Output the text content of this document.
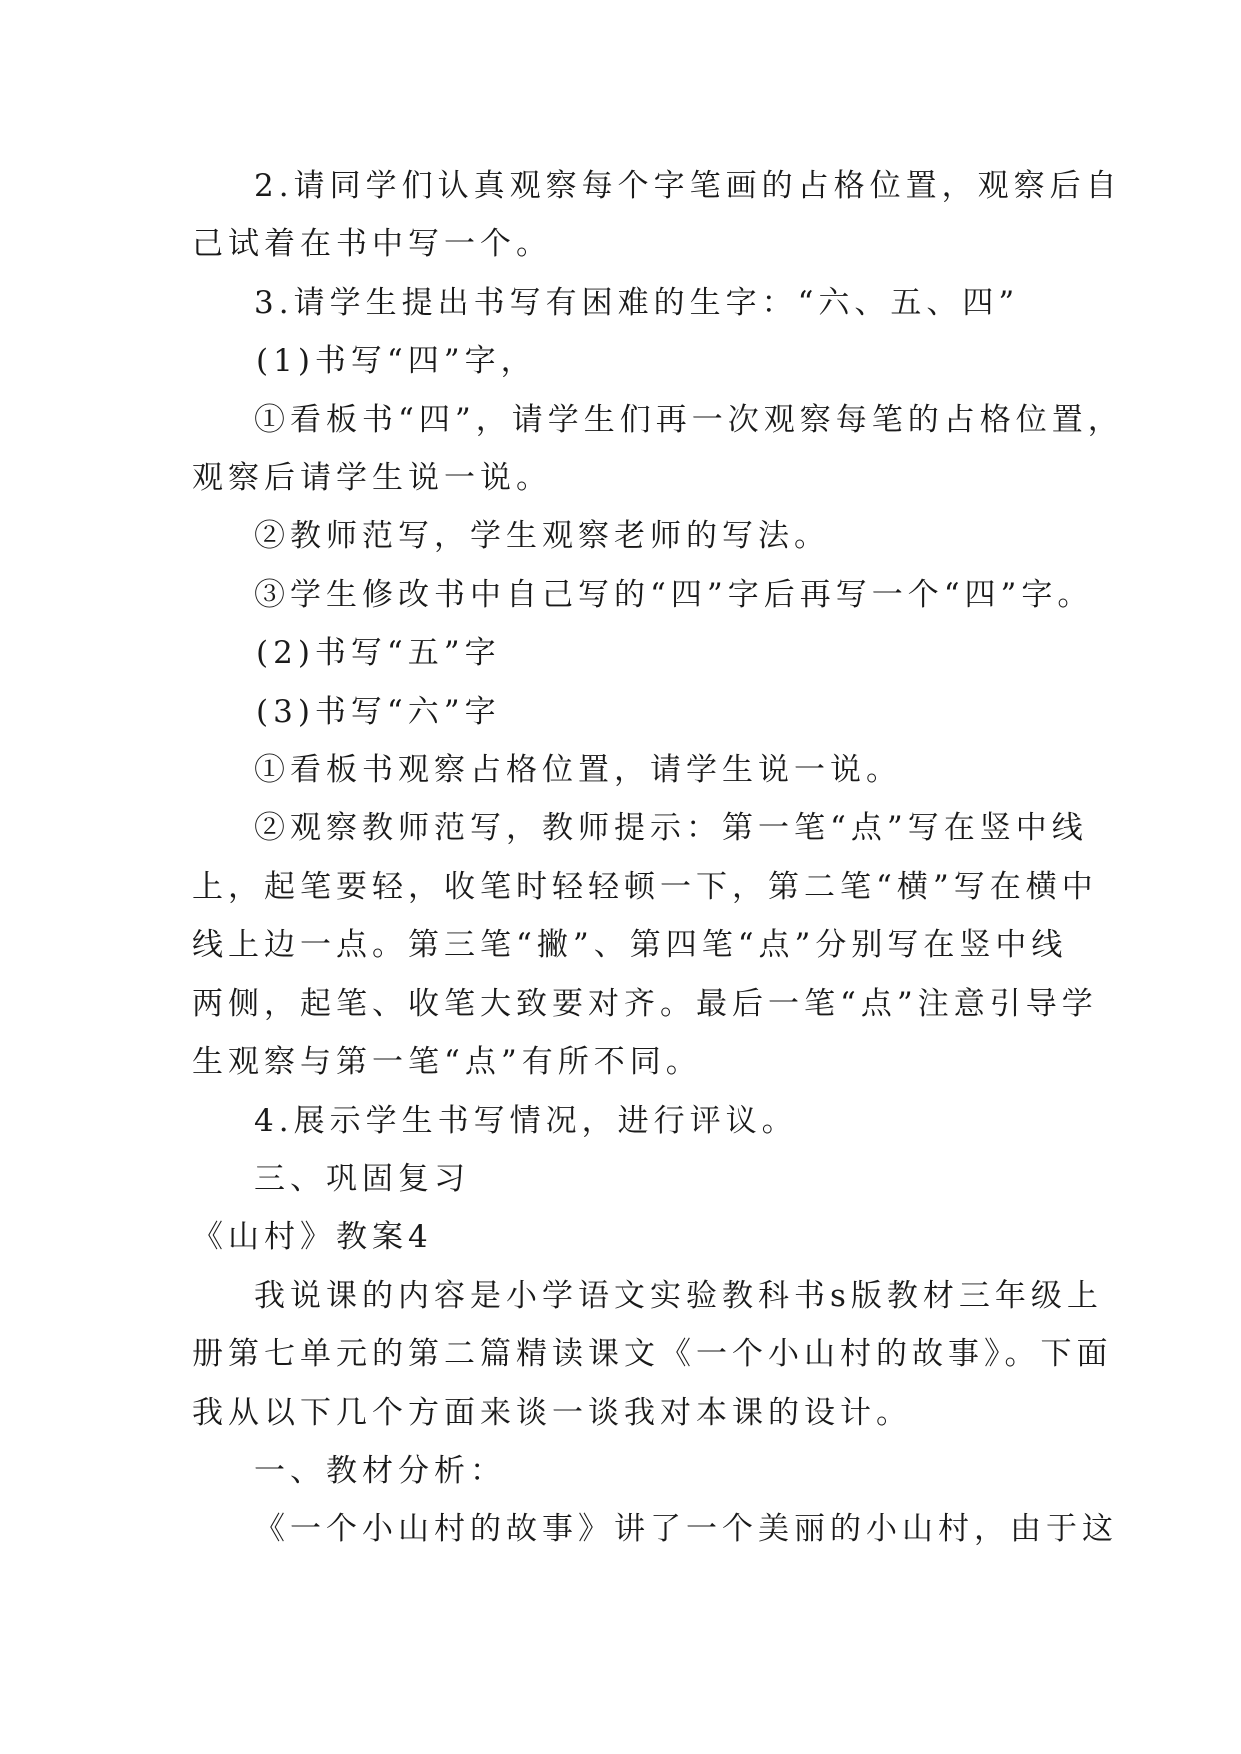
2.请同学们认真观察每个字笔画的占格位置，观察后自

己试着在书中写一个。

3.请学生提出书写有困难的生字：“六、五、四”

(1)书写“四”字，

①看板书“四”，请学生们再一次观察每笔的占格位置，

观察后请学生说一说。

②教师范写，学生观察老师的写法。

③学生修改书中自己写的“四”字后再写一个“四”字。

(2)书写“五”字

(3)书写“六”字

①看板书观察占格位置，请学生说一说。

②观察教师范写，教师提示：第一笔“点”写在竖中线

上，起笔要轻，收笔时轻轻顿一下，第二笔“横”写在横中

线上边一点。第三笔“撇”、第四笔“点”分别写在竖中线

两侧，起笔、收笔大致要对齐。最后一笔“点”注意引导学

生观察与第一笔“点”有所不同。

4.展示学生书写情况，进行评议。

三、巩固复习

《山村》教案4

我说课的内容是小学语文实验教科书s版教材三年级上

册第七单元的第二篇精读课文《一个小山村的故事》。下面

我从以下几个方面来谈一谈我对本课的设计。

一、教材分析：

《一个小山村的故事》讲了一个美丽的小山村，由于这
